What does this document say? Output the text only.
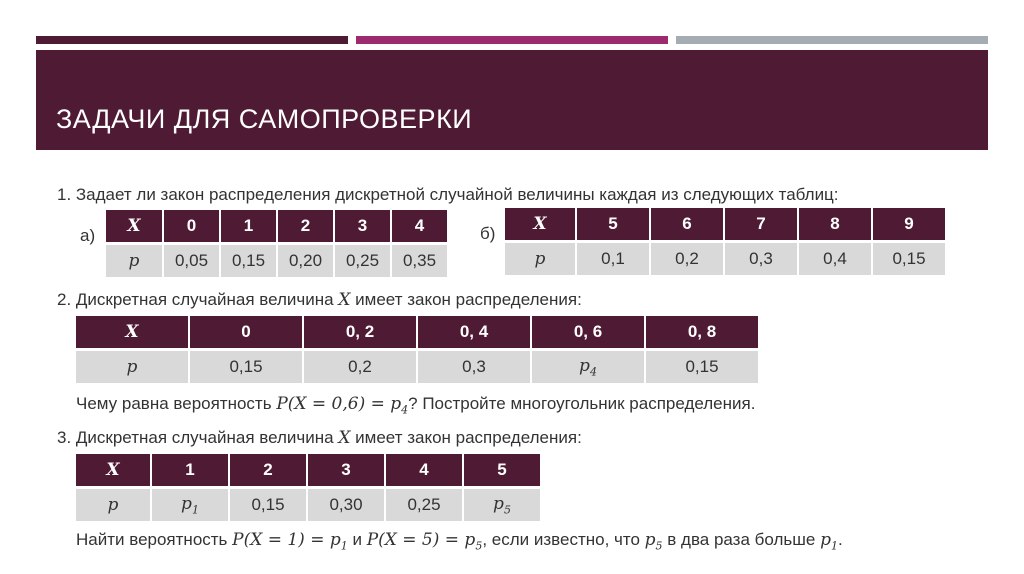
ЗАДАЧИ ДЛЯ САМОПРОВЕРКИ
1. Задает ли закон распределения дискретной случайной величины каждая из следующих таблиц:
а) X	0	1	2	3	4
p	0,05	0,15	0,20	0,25	0,35
б) X	5	6	7	8	9
p	0,1	0,2	0,3	0,4	0,15
2. Дискретная случайная величина X имеет закон распределения:
X	0	0, 2	0, 4	0, 6	0, 8
p	0,15	0,2	0,3	$p_4$	0,15
Чему равна вероятность $P(X = 0,6) = p_4$? Постройте многоугольник распределения.
3. Дискретная случайная величина X имеет закон распределения:
X	1	2	3	4	5
p	$p_1$	0,15	0,30	0,25	$p_5$
Найти вероятность $P(X = 1) = p_1$ и $P(X = 5) = p_5$, если известно, что $p_5$ в два раза больше $p_1$.
